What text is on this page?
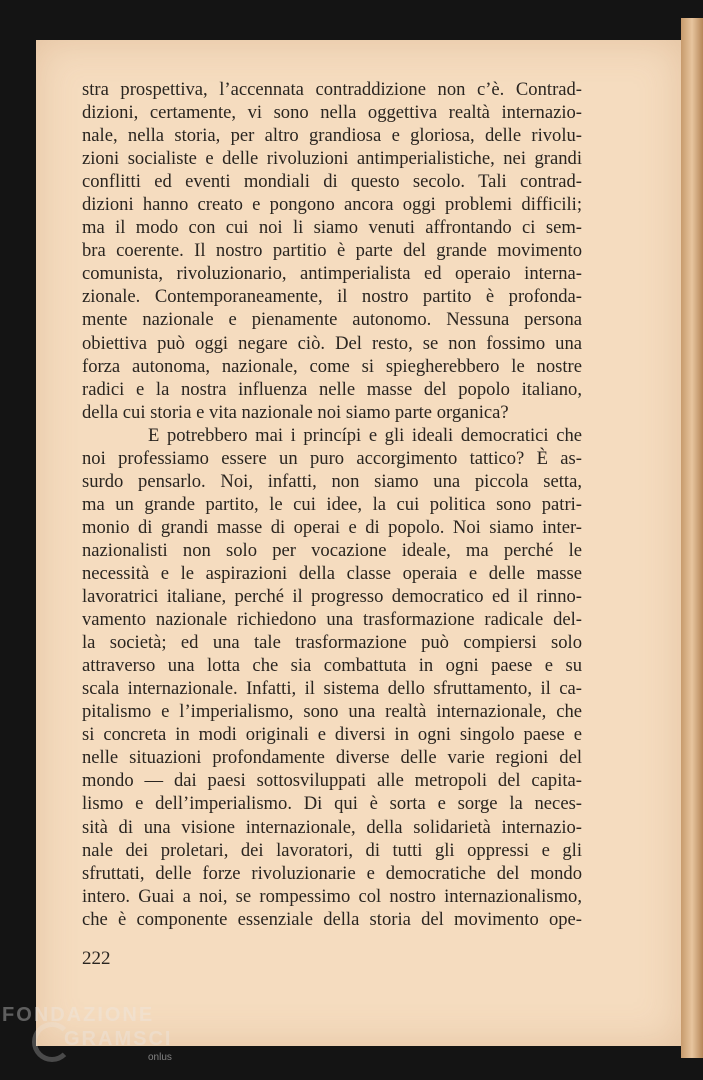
stra prospettiva, l’accennata contraddizione non c’è. Contrad-
dizioni, certamente, vi sono nella oggettiva realtà internazio-
nale, nella storia, per altro grandiosa e gloriosa, delle rivolu-
zioni socialiste e delle rivoluzioni antimperialistiche, nei grandi
conflitti ed eventi mondiali di questo secolo. Tali contrad-
dizioni hanno creato e pongono ancora oggi problemi difficili;
ma il modo con cui noi li siamo venuti affrontando ci sem-
bra coerente. Il nostro partitio è parte del grande movimento
comunista, rivoluzionario, antimperialista ed operaio interna-
zionale. Contemporaneamente, il nostro partito è profonda-
mente nazionale e pienamente autonomo. Nessuna persona
obiettiva può oggi negare ciò. Del resto, se non fossimo una
forza autonoma, nazionale, come si spiegherebbero le nostre
radici e la nostra influenza nelle masse del popolo italiano,
della cui storia e vita nazionale noi siamo parte organica?
E potrebbero mai i princípi e gli ideali democratici che
noi professiamo essere un puro accorgimento tattico? È as-
surdo pensarlo. Noi, infatti, non siamo una piccola setta,
ma un grande partito, le cui idee, la cui politica sono patri-
monio di grandi masse di operai e di popolo. Noi siamo inter-
nazionalisti non solo per vocazione ideale, ma perché le
necessità e le aspirazioni della classe operaia e delle masse
lavoratrici italiane, perché il progresso democratico ed il rinno-
vamento nazionale richiedono una trasformazione radicale del-
la società; ed una tale trasformazione può compiersi solo
attraverso una lotta che sia combattuta in ogni paese e su
scala internazionale. Infatti, il sistema dello sfruttamento, il ca-
pitalismo e l’imperialismo, sono una realtà internazionale, che
si concreta in modi originali e diversi in ogni singolo paese e
nelle situazioni profondamente diverse delle varie regioni del
mondo — dai paesi sottosviluppati alle metropoli del capita-
lismo e dell’imperialismo. Di qui è sorta e sorge la neces-
sità di una visione internazionale, della solidarietà internazio-
nale dei proletari, dei lavoratori, di tutti gli oppressi e gli
sfruttati, delle forze rivoluzionarie e democratiche del mondo
intero. Guai a noi, se rompessimo col nostro internazionalismo,
che è componente essenziale della storia del movimento ope-

222
FONDAZIONE
GRAMSCI
onlus
